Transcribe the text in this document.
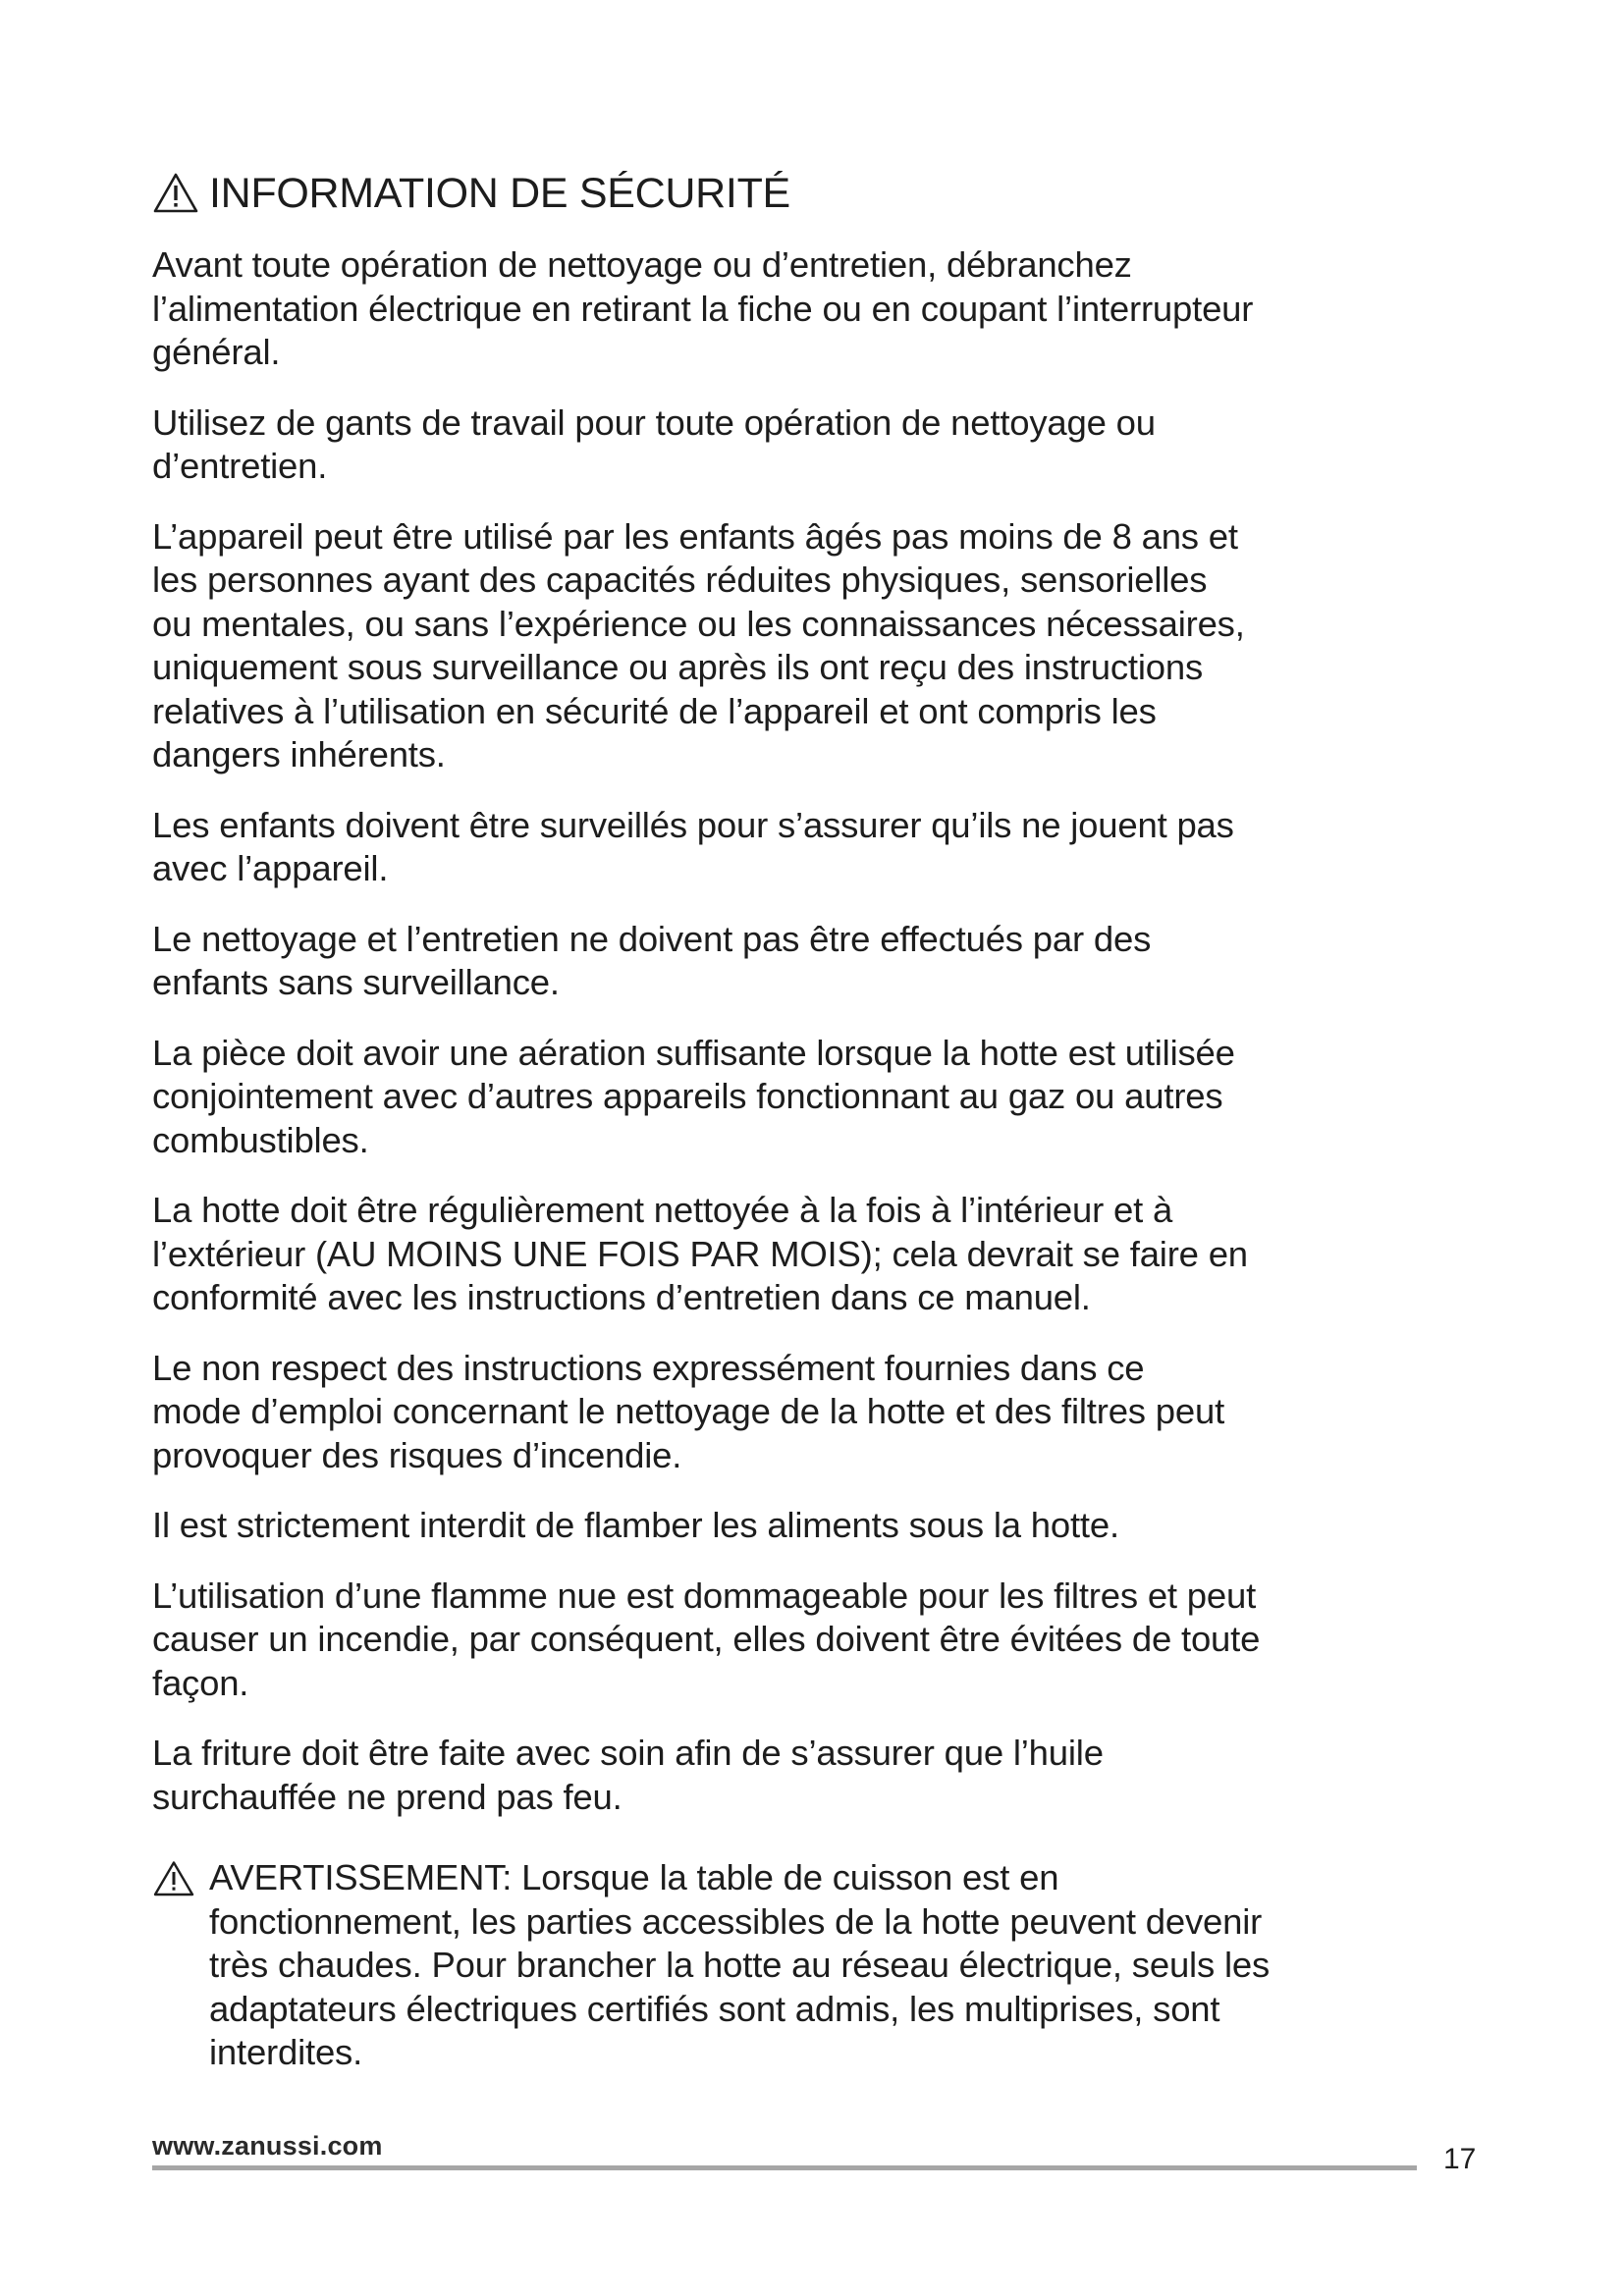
INFORMATION DE SÉCURITÉ

Avant toute opération de nettoyage ou d’entretien, débranchez
l’alimentation électrique en retirant la fiche ou en coupant l’interrupteur
général.

Utilisez de gants de travail pour toute opération de nettoyage ou
d’entretien.

L’appareil peut être utilisé par les enfants âgés pas moins de 8 ans et
les personnes ayant des capacités réduites physiques, sensorielles
ou mentales, ou sans l’expérience ou les connaissances nécessaires,
uniquement sous surveillance ou après ils ont reçu des instructions
relatives à l’utilisation en sécurité de l’appareil et ont compris les
dangers inhérents.

Les enfants doivent être surveillés pour s’assurer qu’ils ne jouent pas
avec l’appareil.

Le nettoyage et l’entretien ne doivent pas être effectués par des
enfants sans surveillance.

La pièce doit avoir une aération suffisante lorsque la hotte est utilisée
conjointement avec d’autres appareils fonctionnant au gaz ou autres
combustibles.

La hotte doit être régulièrement nettoyée à la fois à l’intérieur et à
l’extérieur (AU MOINS UNE FOIS PAR MOIS); cela devrait se faire en
conformité avec les instructions d’entretien dans ce manuel.

Le non respect des instructions expressément fournies dans ce
mode d’emploi concernant le nettoyage de la hotte et des filtres peut
provoquer des risques d’incendie.

Il est strictement interdit de flamber les aliments sous la hotte.

L’utilisation d’une flamme nue est dommageable pour les filtres et peut
causer un incendie, par conséquent, elles doivent être évitées de toute
façon.

La friture doit être faite avec soin afin de s’assurer que l’huile
surchauffée ne prend pas feu.

AVERTISSEMENT: Lorsque la table de cuisson est en
fonctionnement, les parties accessibles de la hotte peuvent devenir
très chaudes. Pour brancher la hotte au réseau électrique, seuls les
adaptateurs électriques certifiés sont admis, les multiprises, sont
interdites.
www.zanussi.com	17
